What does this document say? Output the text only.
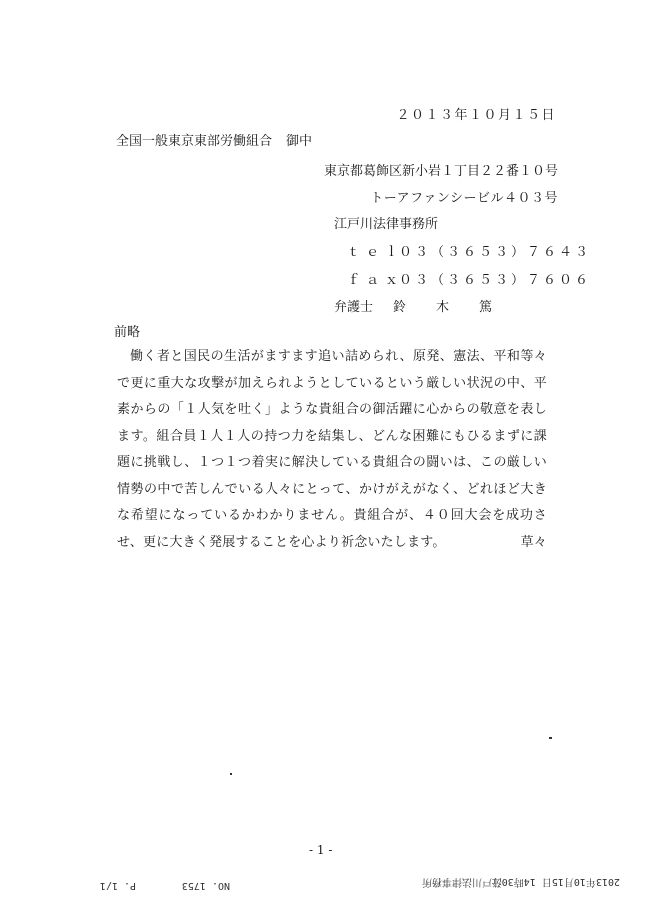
２０１３年１０月１５日
全国一般東京東部労働組合 御中
東京都葛飾区新小岩１丁目２２番１０号
トーアファンシービル４０３号
江戸川法律事務所
ｔｅｌ０３（３６５３）７６４３
ｆａｘ０３（３６５３）７６０６
弁護士 鈴木篤
前略
働く者と国民の生活がますます追い詰められ、原発、憲法、平和等々で更に重大な攻撃が加えられようとしているという厳しい状況の中、平素からの「１人気を吐く」ような貴組合の御活躍に心からの敬意を表します。組合員１人１人の持つ力を結集し、どんな困難にもひるまずに課題に挑戦し、１つ１つ着実に解決している貴組合の闘いは、この厳しい情勢の中で苦しんでいる人々にとって、かけがえがなく、どれほど大きな希望になっているかわかりません。貴組合が、４０回大会を成功させ、更に大きく発展することを心より祈念いたします。	草々
- 1 -
2013年10月15日 14時30分
江戸川法律事務所
NO. 1753
P. 1/1
